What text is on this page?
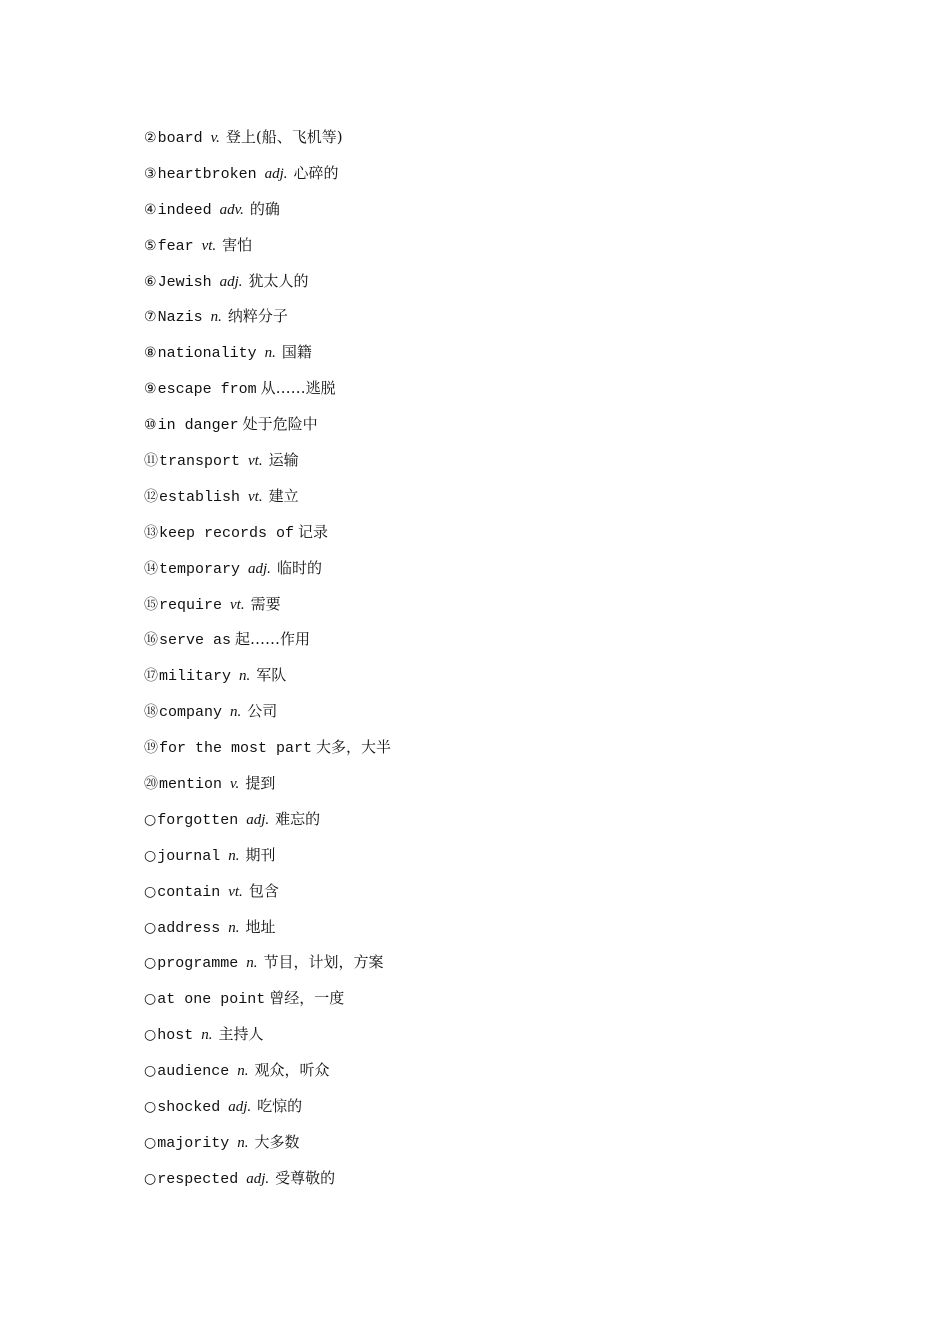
②board v. 登上(船、飞机等)
③heartbroken adj. 心碎的
④indeed adv. 的确
⑤fear vt. 害怕
⑥Jewish adj. 犹太人的
⑦Nazis n. 纳粹分子
⑧nationality n. 国籍
⑨escape from 从……逃脱
⑩in danger 处于危险中
⑪transport vt. 运输
⑫establish vt. 建立
⑬keep records of 记录
⑭temporary adj. 临时的
⑮require vt. 需要
⑯serve as 起……作用
⑰military n. 军队
⑱company n. 公司
⑲for the most part 大多，大半
⑳mention v. 提到
○forgotten adj. 难忘的
○journal n. 期刊
○contain vt. 包含
○address n. 地址
○programme n. 节目，计划，方案
○at one point 曾经，一度
○host n. 主持人
○audience n. 观众，听众
○shocked adj. 吃惊的
○majority n. 大多数
○respected adj. 受尊敬的
